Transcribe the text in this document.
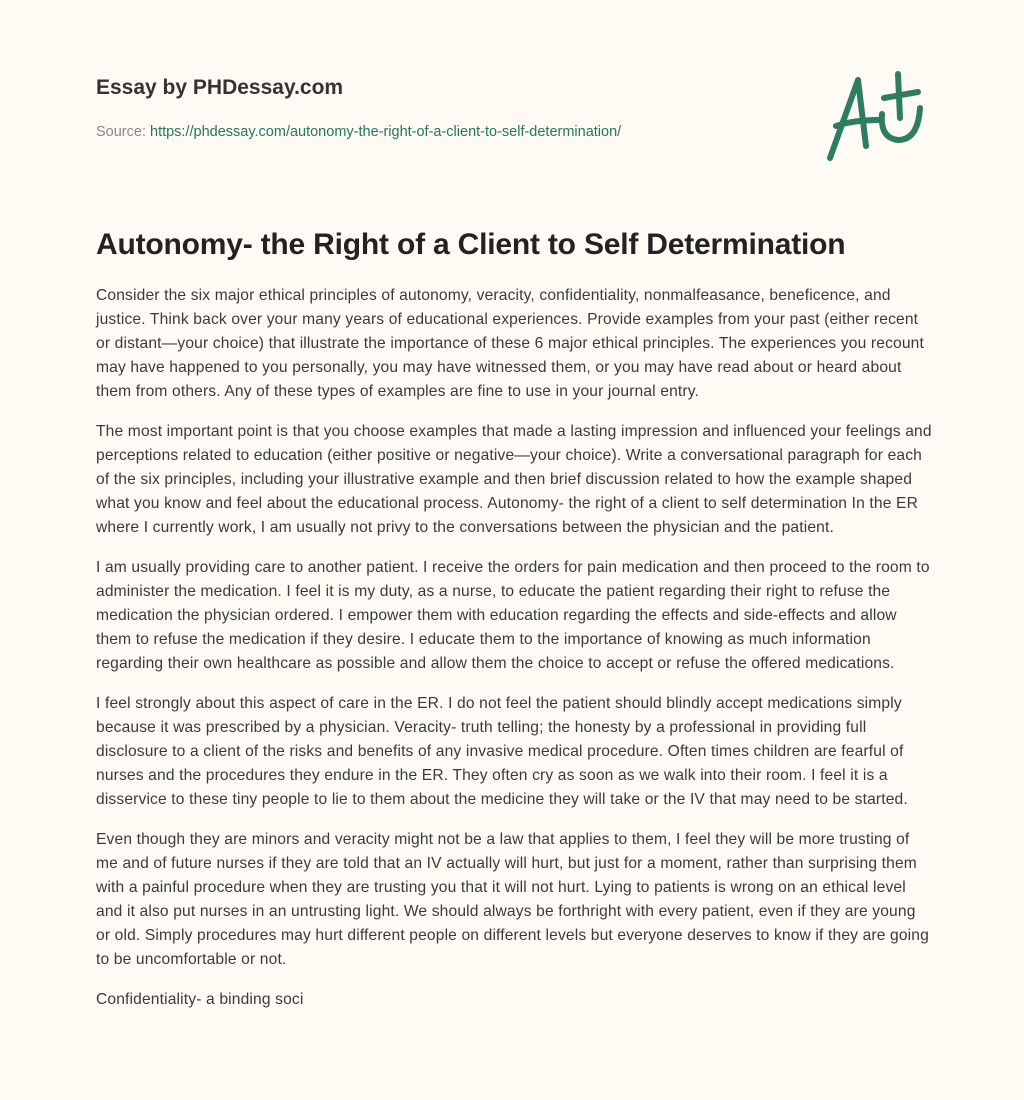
Essay by PHDessay.com

Source: https://phdessay.com/autonomy-the-right-of-a-client-to-self-determination/
Autonomy- the Right of a Client to Self Determination

Consider the six major ethical principles of autonomy, veracity, confidentiality, nonmalfeasance, beneficence, and justice. Think back over your many years of educational experiences. Provide examples from your past (either recent or distant—your choice) that illustrate the importance of these 6 major ethical principles. The experiences you recount may have happened to you personally, you may have witnessed them, or you may have read about or heard about them from others. Any of these types of examples are fine to use in your journal entry.

The most important point is that you choose examples that made a lasting impression and influenced your feelings and perceptions related to education (either positive or negative—your choice). Write a conversational paragraph for each of the six principles, including your illustrative example and then brief discussion related to how the example shaped what you know and feel about the educational process. Autonomy- the right of a client to self determination In the ER where I currently work, I am usually not privy to the conversations between the physician and the patient.

I am usually providing care to another patient. I receive the orders for pain medication and then proceed to the room to administer the medication. I feel it is my duty, as a nurse, to educate the patient regarding their right to refuse the medication the physician ordered. I empower them with education regarding the effects and side-effects and allow them to refuse the medication if they desire. I educate them to the importance of knowing as much information regarding their own healthcare as possible and allow them the choice to accept or refuse the offered medications.

I feel strongly about this aspect of care in the ER. I do not feel the patient should blindly accept medications simply because it was prescribed by a physician. Veracity- truth telling; the honesty by a professional in providing full disclosure to a client of the risks and benefits of any invasive medical procedure. Often times children are fearful of nurses and the procedures they endure in the ER. They often cry as soon as we walk into their room. I feel it is a disservice to these tiny people to lie to them about the medicine they will take or the IV that may need to be started.

Even though they are minors and veracity might not be a law that applies to them, I feel they will be more trusting of me and of future nurses if they are told that an IV actually will hurt, but just for a moment, rather than surprising them with a painful procedure when they are trusting you that it will not hurt. Lying to patients is wrong on an ethical level and it also put nurses in an untrusting light. We should always be forthright with every patient, even if they are young or old. Simply procedures may hurt different people on different levels but everyone deserves to know if they are going to be uncomfortable or not.

Confidentiality- a binding soci
